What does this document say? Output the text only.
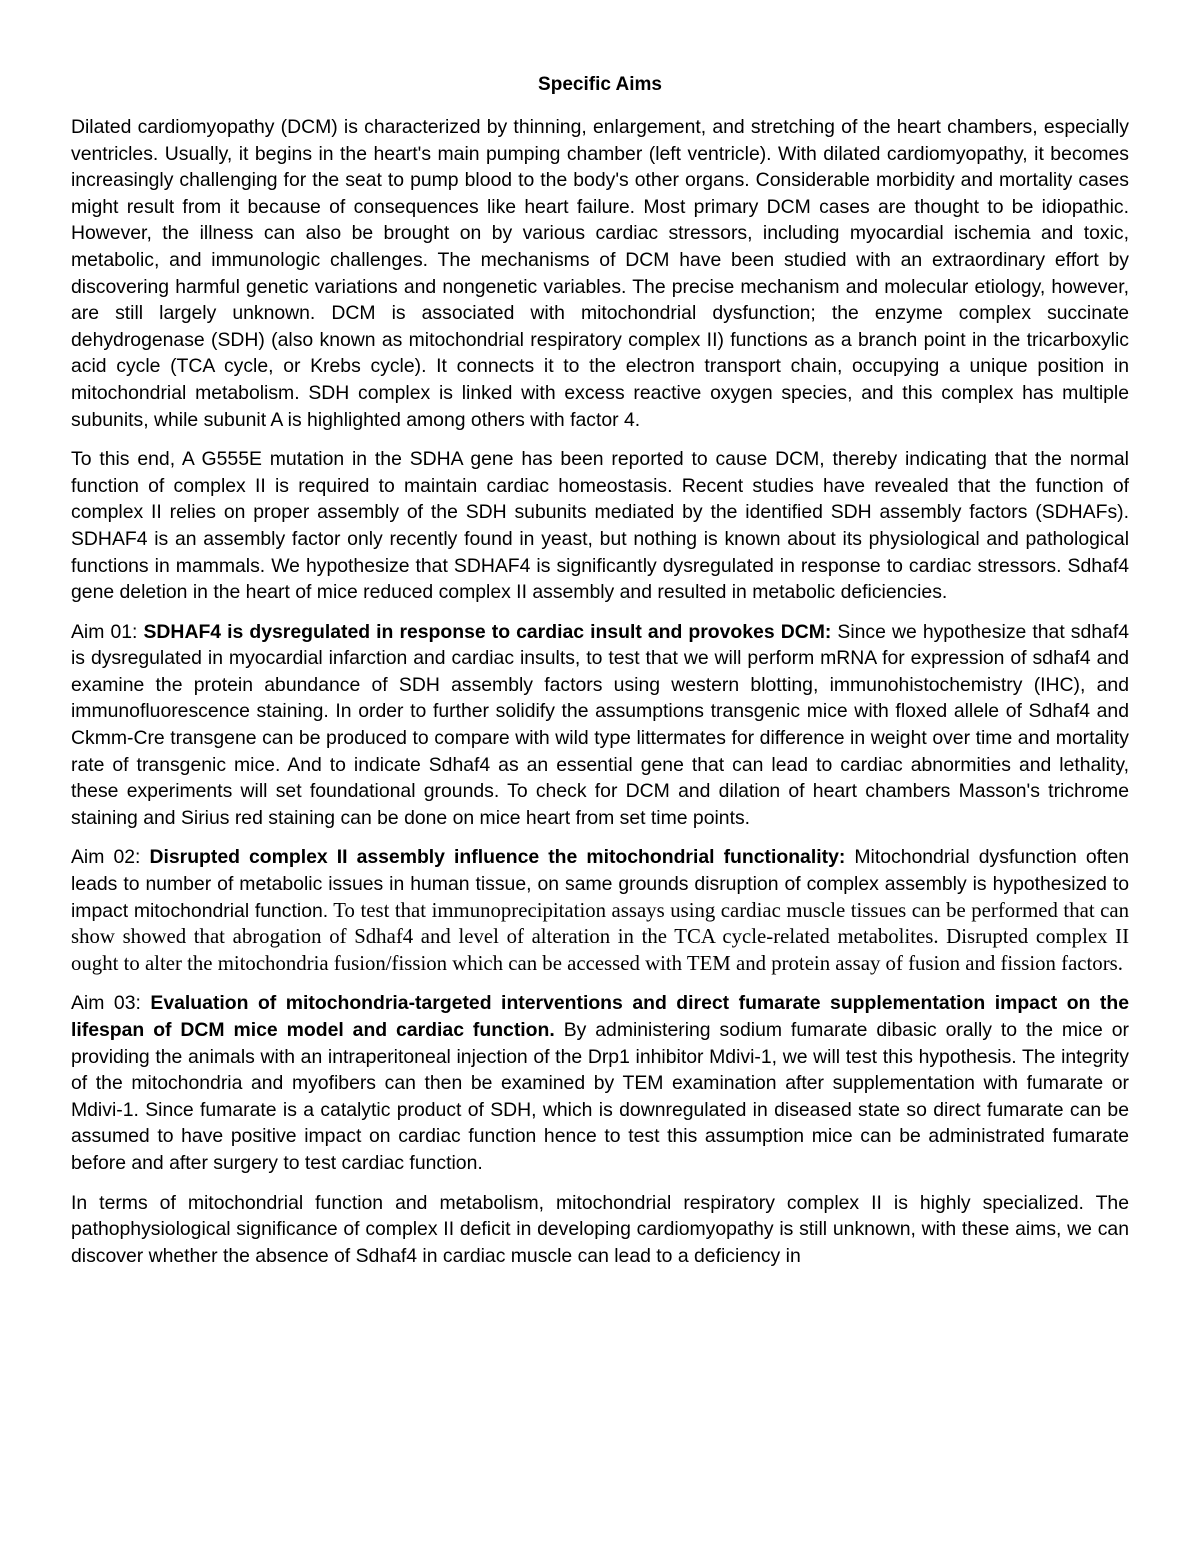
Specific Aims

Dilated cardiomyopathy (DCM) is characterized by thinning, enlargement, and stretching of the heart chambers, especially ventricles. Usually, it begins in the heart's main pumping chamber (left ventricle). With dilated cardiomyopathy, it becomes increasingly challenging for the seat to pump blood to the body's other organs. Considerable morbidity and mortality cases might result from it because of consequences like heart failure. Most primary DCM cases are thought to be idiopathic. However, the illness can also be brought on by various cardiac stressors, including myocardial ischemia and toxic, metabolic, and immunologic challenges. The mechanisms of DCM have been studied with an extraordinary effort by discovering harmful genetic variations and nongenetic variables. The precise mechanism and molecular etiology, however, are still largely unknown. DCM is associated with mitochondrial dysfunction; the enzyme complex succinate dehydrogenase (SDH) (also known as mitochondrial respiratory complex II) functions as a branch point in the tricarboxylic acid cycle (TCA cycle, or Krebs cycle). It connects it to the electron transport chain, occupying a unique position in mitochondrial metabolism. SDH complex is linked with excess reactive oxygen species, and this complex has multiple subunits, while subunit A is highlighted among others with factor 4.

To this end, A G555E mutation in the SDHA gene has been reported to cause DCM, thereby indicating that the normal function of complex II is required to maintain cardiac homeostasis. Recent studies have revealed that the function of complex II relies on proper assembly of the SDH subunits mediated by the identified SDH assembly factors (SDHAFs). SDHAF4 is an assembly factor only recently found in yeast, but nothing is known about its physiological and pathological functions in mammals. We hypothesize that SDHAF4 is significantly dysregulated in response to cardiac stressors. Sdhaf4 gene deletion in the heart of mice reduced complex II assembly and resulted in metabolic deficiencies.

Aim 01: SDHAF4 is dysregulated in response to cardiac insult and provokes DCM: Since we hypothesize that sdhaf4 is dysregulated in myocardial infarction and cardiac insults, to test that we will perform mRNA for expression of sdhaf4 and examine the protein abundance of SDH assembly factors using western blotting, immunohistochemistry (IHC), and immunofluorescence staining. In order to further solidify the assumptions transgenic mice with floxed allele of Sdhaf4 and Ckmm-Cre transgene can be produced to compare with wild type littermates for difference in weight over time and mortality rate of transgenic mice. And to indicate Sdhaf4 as an essential gene that can lead to cardiac abnormities and lethality, these experiments will set foundational grounds. To check for DCM and dilation of heart chambers Masson's trichrome staining and Sirius red staining can be done on mice heart from set time points.

Aim 02: Disrupted complex II assembly influence the mitochondrial functionality: Mitochondrial dysfunction often leads to number of metabolic issues in human tissue, on same grounds disruption of complex assembly is hypothesized to impact mitochondrial function. To test that immunoprecipitation assays using cardiac muscle tissues can be performed that can show showed that abrogation of Sdhaf4 and level of alteration in the TCA cycle-related metabolites. Disrupted complex II ought to alter the mitochondria fusion/fission which can be accessed with TEM and protein assay of fusion and fission factors.

Aim 03: Evaluation of mitochondria-targeted interventions and direct fumarate supplementation impact on the lifespan of DCM mice model and cardiac function. By administering sodium fumarate dibasic orally to the mice or providing the animals with an intraperitoneal injection of the Drp1 inhibitor Mdivi-1, we will test this hypothesis. The integrity of the mitochondria and myofibers can then be examined by TEM examination after supplementation with fumarate or Mdivi-1. Since fumarate is a catalytic product of SDH, which is downregulated in diseased state so direct fumarate can be assumed to have positive impact on cardiac function hence to test this assumption mice can be administrated fumarate before and after surgery to test cardiac function.

In terms of mitochondrial function and metabolism, mitochondrial respiratory complex II is highly specialized. The pathophysiological significance of complex II deficit in developing cardiomyopathy is still unknown, with these aims, we can discover whether the absence of Sdhaf4 in cardiac muscle can lead to a deficiency in
